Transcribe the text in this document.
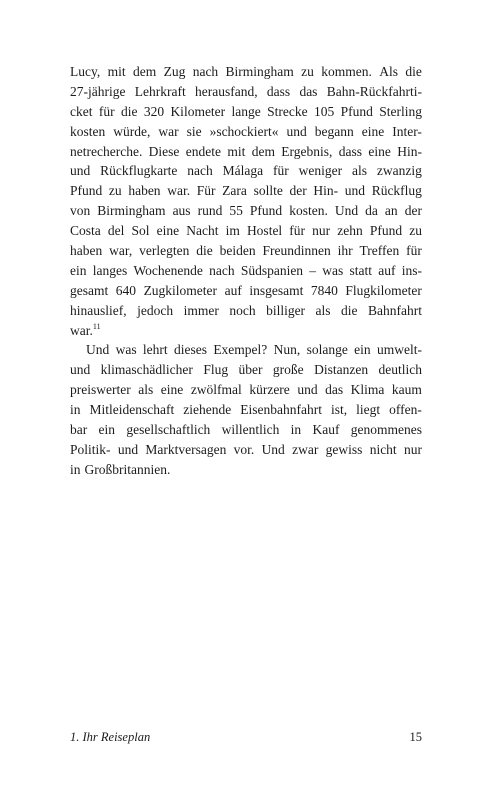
Lucy, mit dem Zug nach Birmingham zu kommen. Als die
27-jährige Lehrkraft herausfand, dass das Bahn-Rückfahrti-
cket für die 320 Kilometer lange Strecke 105 Pfund Sterling
kosten würde, war sie »schockiert« und begann eine Inter-
netrecherche. Diese endete mit dem Ergebnis, dass eine Hin-
und Rückflugkarte nach Málaga für weniger als zwanzig
Pfund zu haben war. Für Zara sollte der Hin- und Rückflug
von Birmingham aus rund 55 Pfund kosten. Und da an der
Costa del Sol eine Nacht im Hostel für nur zehn Pfund zu
haben war, verlegten die beiden Freundinnen ihr Treffen für
ein langes Wochenende nach Südspanien – was statt auf ins-
gesamt 640 Zugkilometer auf insgesamt 7840 Flugkilometer
hinauslief, jedoch immer noch billiger als die Bahnfahrt
war.$^{11}$
Und was lehrt dieses Exempel? Nun, solange ein umwelt-
und klimaschädlicher Flug über große Distanzen deutlich
preiswerter als eine zwölfmal kürzere und das Klima kaum
in Mitleidenschaft ziehende Eisenbahnfahrt ist, liegt offen-
bar ein gesellschaftlich willentlich in Kauf genommenes
Politik- und Marktversagen vor. Und zwar gewiss nicht nur
in Großbritannien.
1. Ihr Reiseplan	15
